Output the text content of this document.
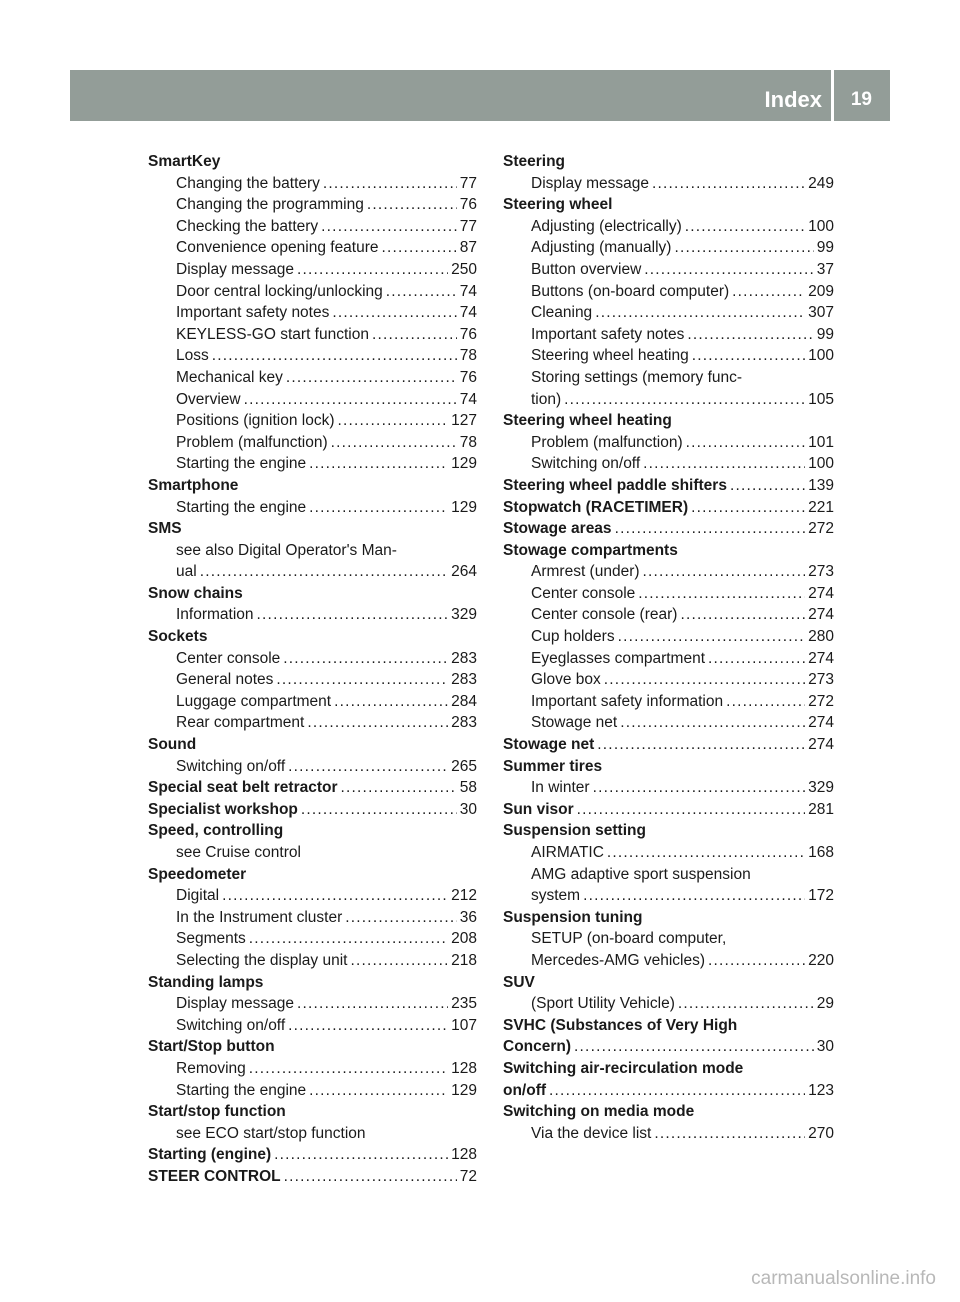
Index 19
SmartKey
Changing the battery .....	77
Changing the programming .....	76
Checking the battery .....	77
Convenience opening feature .....	87
Display message .....	250
Door central locking/unlocking .....	74
Important safety notes .....	74
KEYLESS-GO start function .....	76
Loss .....	78
Mechanical key .....	76
Overview .....	74
Positions (ignition lock) .....	127
Problem (malfunction) .....	78
Starting the engine .....	129
Smartphone
Starting the engine .....	129
SMS
see also Digital Operator's Man-
ual .....	264
Snow chains
Information .....	329
Sockets
Center console .....	283
General notes .....	283
Luggage compartment .....	284
Rear compartment .....	283
Sound
Switching on/off .....	265
Special seat belt retractor .....	58
Specialist workshop .....	30
Speed, controlling
see Cruise control
Speedometer
Digital .....	212
In the Instrument cluster .....	36
Segments .....	208
Selecting the display unit .....	218
Standing lamps
Display message .....	235
Switching on/off .....	107
Start/Stop button
Removing .....	128
Starting the engine .....	129
Start/stop function
see ECO start/stop function
Starting (engine) .....	128
STEER CONTROL .....	72
Steering
Display message .....	249
Steering wheel
Adjusting (electrically) .....	100
Adjusting (manually) .....	99
Button overview .....	37
Buttons (on-board computer) .....	209
Cleaning .....	307
Important safety notes .....	99
Steering wheel heating .....	100
Storing settings (memory func-
tion) .....	105
Steering wheel heating
Problem (malfunction) .....	101
Switching on/off .....	100
Steering wheel paddle shifters .....	139
Stopwatch (RACETIMER) .....	221
Stowage areas .....	272
Stowage compartments
Armrest (under) .....	273
Center console .....	274
Center console (rear) .....	274
Cup holders .....	280
Eyeglasses compartment .....	274
Glove box .....	273
Important safety information .....	272
Stowage net .....	274
Stowage net .....	274
Summer tires
In winter .....	329
Sun visor .....	281
Suspension setting
AIRMATIC .....	168
AMG adaptive sport suspension
system .....	172
Suspension tuning
SETUP (on-board computer,
Mercedes-AMG vehicles) .....	220
SUV
(Sport Utility Vehicle) .....	29
SVHC (Substances of Very High
Concern) .....	30
Switching air-recirculation mode
on/off .....	123
Switching on media mode
Via the device list .....	270
carmanualsonline.info
